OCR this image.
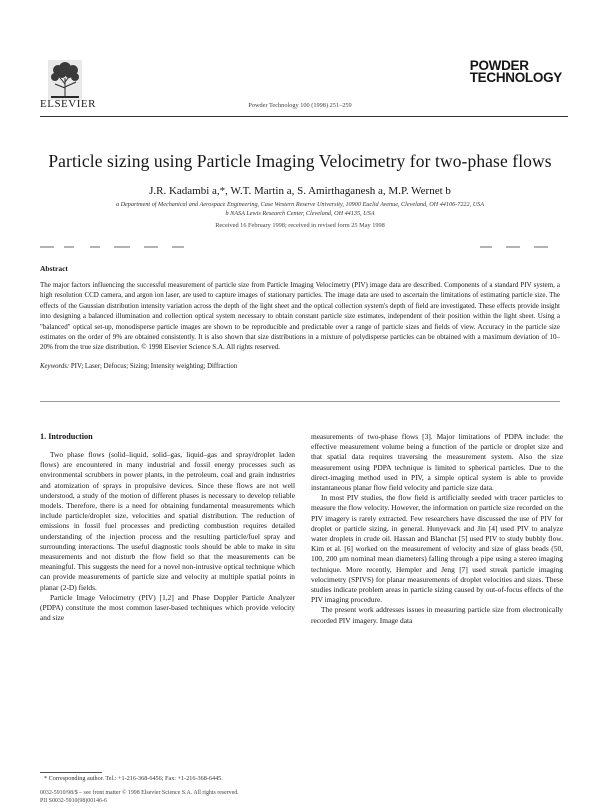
ELSEVIER	Powder Technology 100 (1998) 251–259
POWDER
TECHNOLOGY
Particle sizing using Particle Imaging Velocimetry for two-phase flows
J.R. Kadambi a,*, W.T. Martin a, S. Amirthaganesh a, M.P. Wernet b
a Department of Mechanical and Aerospace Engineering, Case Western Reserve University, 10900 Euclid Avenue, Cleveland, OH 44106-7222, USA
b NASA Lewis Research Center, Cleveland, OH 44135, USA
Received 16 February 1998; received in revised form 25 May 1998
Abstract
The major factors influencing the successful measurement of particle size from Particle Imaging Velocimetry (PIV) image data are described. Components of a standard PIV system, a high resolution CCD camera, and argon ion laser, are used to capture images of stationary particles. The image data are used to ascertain the limitations of estimating particle size. The effects of the Gaussian distribution intensity variation across the depth of the light sheet and the optical collection system's depth of field are investigated. These effects provide insight into designing a balanced illumination and collection optical system necessary to obtain constant particle size estimates, independent of their position within the light sheet. Using a "balanced" optical set-up, monodisperse particle images are shown to be reproducible and predictable over a range of particle sizes and fields of view. Accuracy in the particle size estimates on the order of 9% are obtained consistently. It is also shown that size distributions in a mixture of polydisperse particles can be obtained with a maximum deviation of 10–20% from the true size distribution. © 1998 Elsevier Science S.A. All rights reserved.
Keywords: PIV; Laser; Defocus; Sizing; Intensity weighting; Diffraction
1. Introduction

Two phase flows (solid–liquid, solid–gas, liquid–gas and spray/droplet laden flows) are encountered in many industrial and fossil energy processes such as environmental scrubbers in power plants, in the petroleum, coal and grain industries and atomization of sprays in propulsive devices. Since these flows are not well understood, a study of the motion of different phases is necessary to develop reliable models. Therefore, there is a need for obtaining fundamental measurements which include particle/droplet size, velocities and spatial distribution. The reduction of emissions in fossil fuel processes and predicting combustion requires detailed understanding of the injection process and the resulting particle/fuel spray and surrounding interactions. The useful diagnostic tools should be able to make in situ measurements and not disturb the flow field so that the measurements can be meaningful. This suggests the need for a novel non-intrusive optical technique which can provide measurements of particle size and velocity at multiple spatial points in planar (2-D) fields.

Particle Image Velocimetry (PIV) [1,2] and Phase Doppler Particle Analyzer (PDPA) constitute the most common laser-based techniques which provide velocity and size

measurements of two-phase flows [3]. Major limitations of PDPA include: the effective measurement volume being a function of the particle or droplet size and that spatial data requires traversing the measurement system. Also the size measurement using PDPA technique is limited to spherical particles. Due to the direct-imaging method used in PIV, a simple optical system is able to provide instantaneous planar flow field velocity and particle size data.

In most PIV studies, the flow field is artificially seeded with tracer particles to measure the flow velocity. However, the information on particle size recorded on the PIV imagery is rarely extracted. Few researchers have discussed the use of PIV for droplet or particle sizing, in general. Hunyevack and Jin [4] used PIV to analyze water droplets in crude oil. Hassan and Blanchat [5] used PIV to study bubbly flow. Kim et al. [6] worked on the measurement of velocity and size of glass beads (50, 100, 200 μm nominal mean diameters) falling through a pipe using a stereo imaging technique. More recently, Hempler and Jeng [7] used streak particle imaging velocimetry (SPIVS) for planar measurements of droplet velocities and sizes. These studies indicate problem areas in particle sizing caused by out-of-focus effects of the PIV imaging procedure.

The present work addresses issues in measuring particle size from electronically recorded PIV imagery. Image data

* Corresponding author. Tel.: +1-216-368-6456; Fax: +1-216-368-6445.
0032-5910/98/$ – see front matter © 1998 Elsevier Science S.A. All rights reserved.
PII S0032-5910(98)00146-6
